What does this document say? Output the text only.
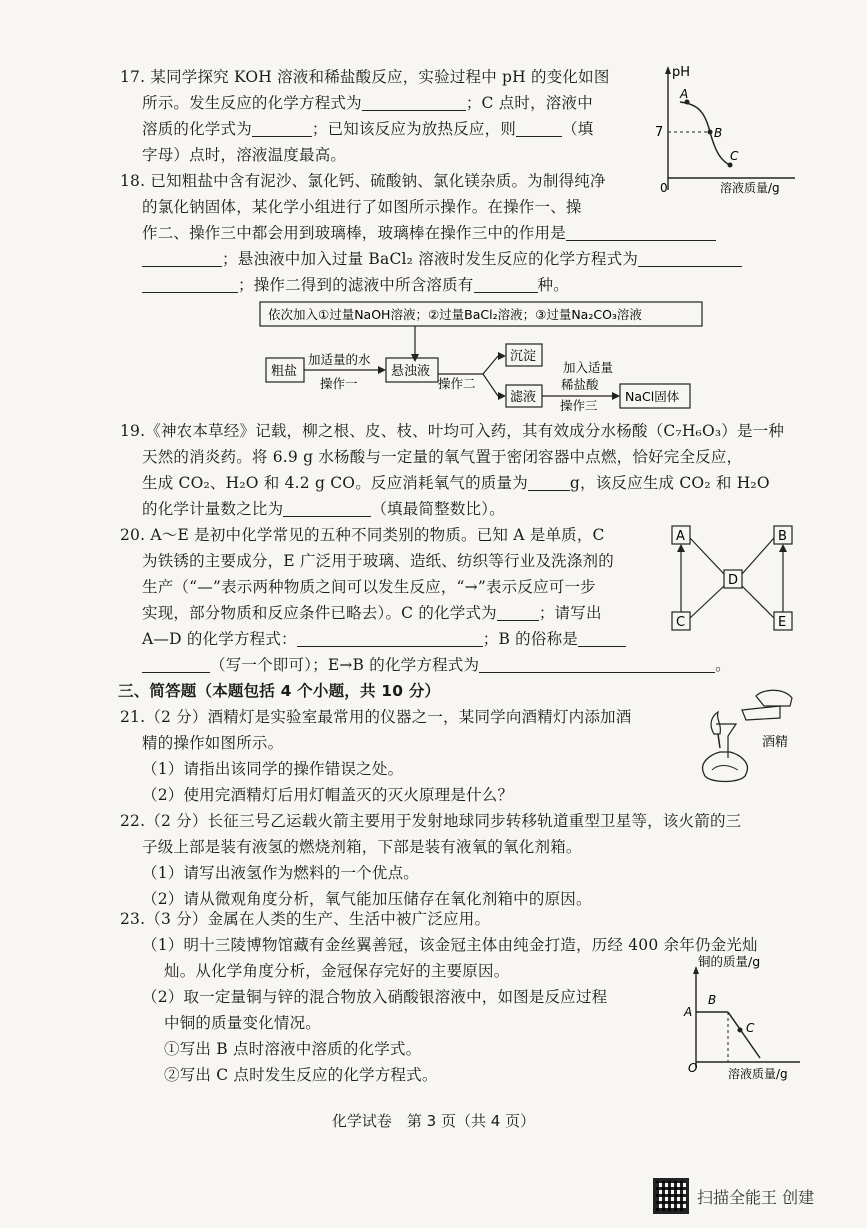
17. 某同学探究 KOH 溶液和稀盐酸反应，实验过程中 pH 的变化如图
所示。发生反应的化学方程式为	；C 点时，溶液中
溶质的化学式为	；已知该反应为放热反应，则	（填
字母）点时，溶液温度最高。
pH
7
A
B
C
0	溶液质量/g
18. 已知粗盐中含有泥沙、氯化钙、硫酸钠、氯化镁杂质。为制得纯净
的氯化钠固体，某化学小组进行了如图所示操作。在操作一、操
作二、操作三中都会用到玻璃棒，玻璃棒在操作三中的作用是
；悬浊液中加入过量 BaCl₂ 溶液时发生反应的化学方程式为
；操作二得到的滤液中所含溶质有	种。
依次加入①过量NaOH溶液；②过量BaCl₂溶液；③过量Na₂CO₃溶液
粗盐
加适量的水
操作一
悬浊液
操作二
沉淀
滤液
加入适量
稀盐酸
操作三
NaCl固体
19.《神农本草经》记载，柳之根、皮、枝、叶均可入药，其有效成分水杨酸（C₇H₆O₃）是一种
天然的消炎药。将 6.9 g 水杨酸与一定量的氧气置于密闭容器中点燃，恰好完全反应，
生成 CO₂、H₂O 和 4.2 g CO。反应消耗氧气的质量为	g，该反应生成 CO₂ 和 H₂O
的化学计量数之比为	（填最简整数比）。
20. A～E 是初中化学常见的五种不同类别的物质。已知 A 是单质，C
为铁锈的主要成分，E 广泛用于玻璃、造纸、纺织等行业及洗涤剂的
生产（“—”表示两种物质之间可以发生反应，“→”表示反应可一步
实现，部分物质和反应条件已略去）。C 的化学式为	；请写出
A—D 的化学方程式：	；B 的俗称是
（写一个即可）；E→B 的化学方程式为	。
A	B
D
C	E
三、简答题（本题包括 4 个小题，共 10 分）
21.（2 分）酒精灯是实验室最常用的仪器之一，某同学向酒精灯内添加酒
精的操作如图所示。
（1）请指出该同学的操作错误之处。
（2）使用完酒精灯后用灯帽盖灭的灭火原理是什么？
酒精
22.（2 分）长征三号乙运载火箭主要用于发射地球同步转移轨道重型卫星等，该火箭的三
子级上部是装有液氢的燃烧剂箱，下部是装有液氧的氧化剂箱。
（1）请写出液氢作为燃料的一个优点。
（2）请从微观角度分析，氧气能加压储存在氧化剂箱中的原因。
23.（3 分）金属在人类的生产、生活中被广泛应用。
（1）明十三陵博物馆藏有金丝翼善冠，该金冠主体由纯金打造，历经 400 余年仍金光灿
灿。从化学角度分析，金冠保存完好的主要原因。
（2）取一定量铜与锌的混合物放入硝酸银溶液中，如图是反应过程
中铜的质量变化情况。
①写出 B 点时溶液中溶质的化学式。
②写出 C 点时发生反应的化学方程式。
铜的质量/g
A
B
C
O	溶液质量/g
化学试卷　第 3 页（共 4 页）
扫描全能王 创建
